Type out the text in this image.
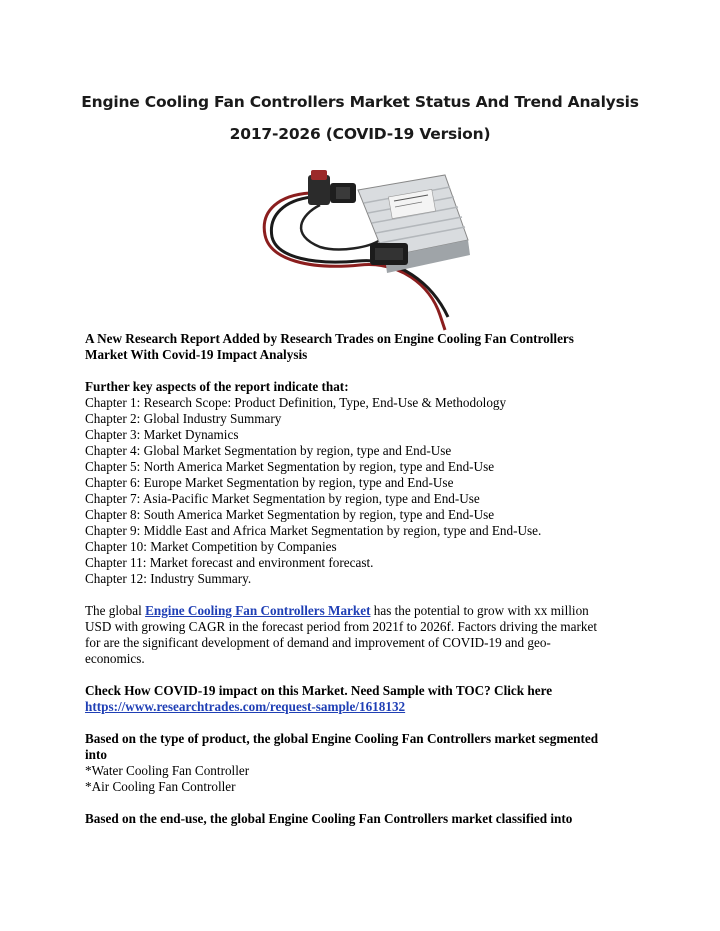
Engine Cooling Fan Controllers Market Status And Trend Analysis
2017-2026 (COVID-19 Version)

A New Research Report Added by Research Trades on Engine Cooling Fan Controllers

Market With Covid-19 Impact Analysis

Further key aspects of the report indicate that:

Chapter 1: Research Scope: Product Definition, Type, End-Use & Methodology

Chapter 2: Global Industry Summary

Chapter 3: Market Dynamics

Chapter 4: Global Market Segmentation by region, type and End-Use

Chapter 5: North America Market Segmentation by region, type and End-Use

Chapter 6: Europe Market Segmentation by region, type and End-Use

Chapter 7: Asia-Pacific Market Segmentation by region, type and End-Use

Chapter 8: South America Market Segmentation by region, type and End-Use

Chapter 9: Middle East and Africa Market Segmentation by region, type and End-Use.

Chapter 10: Market Competition by Companies

Chapter 11: Market forecast and environment forecast.

Chapter 12: Industry Summary.

The global Engine Cooling Fan Controllers Market has the potential to grow with xx million

USD with growing CAGR in the forecast period from 2021f to 2026f. Factors driving the market

for are the significant development of demand and improvement of COVID-19 and geo-

economics.

Check How COVID-19 impact on this Market. Need Sample with TOC? Click here

https://www.researchtrades.com/request-sample/1618132

Based on the type of product, the global Engine Cooling Fan Controllers market segmented

into

*Water Cooling Fan Controller

*Air Cooling Fan Controller

Based on the end-use, the global Engine Cooling Fan Controllers market classified into
